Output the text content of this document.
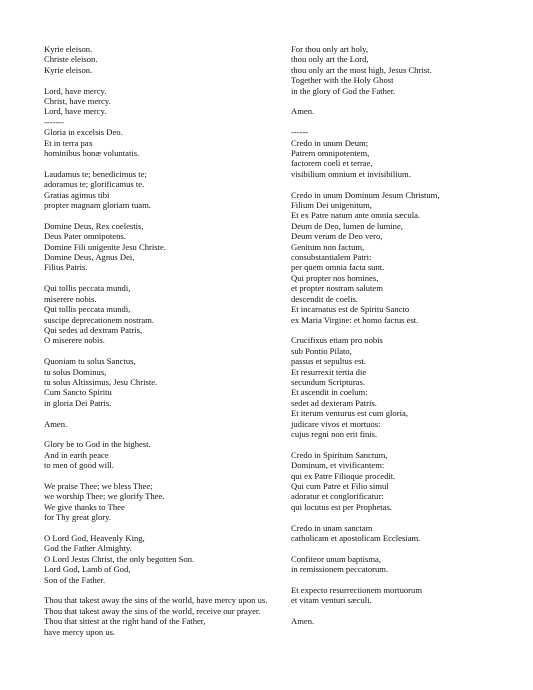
Kyrie eleison.
Christe eleison.
Kyrie eleison.
Lord, have mercy.
Christ, have mercy.
Lord, have mercy.
-------
Gloria in excelsis Deo.
Et in terra pax
hominibus bonæ voluntatis.
Laudamus te; benedicimus te;
adoramus te; glorificamus te.
Gratias agimus tibi
propter magnam gloriam tuam.
Domine Deus, Rex coelestis,
Deus Pater omnipotens.
Domine Fili unigenite Jesu Christe.
Domine Deus, Agnus Dei,
Filius Patris.
Qui tollis peccata mundi,
miserere nobis.
Qui tollis peccata mundi,
suscipe deprecationem nostram.
Qui sedes ad dextram Patris,
O miserere nobis.
Quoniam tu solus Sanctus,
tu solus Dominus,
tu solus Altissimus, Jesu Christe.
Cum Sancto Spiritu
in gloria Dei Patris.
Amen.
Glory be to God in the highest.
And in earth peace
to men of good will.
We praise Thee; we bless Thee;
we worship Thee; we glorify Thee.
We give thanks to Thee
for Thy great glory.
O Lord God, Heavenly King,
God the Father Almighty.
O Lord Jesus Christ, the only begotten Son.
Lord God, Lamb of God,
Son of the Father.
Thou that takest away the sins of the world, have mercy upon us.
Thou that takest away the sins of the world, receive our prayer.
Thou that sittest at the right hand of the Father,
have mercy upon us.
For thou only art holy,
thou only art the Lord,
thou only art the most high, Jesus Christ.
Together with the Holy Ghost
in the glory of God the Father.
Amen.
------
Credo in unum Deum;
Patrem omnipotentem,
factorem coeli et terrae,
visibilium omnium et invisibilium.
Credo in unum Dominum Jesum Christum,
Filium Dei unigenitum,
Et ex Patre natum ante omnia sæcula.
Deum de Deo, lumen de lumine,
Deum verum de Deo vero,
Genitum non factum,
consubstantialem Patri:
per quem omnia facta sunt.
Qui propter nos homines,
et propter nostram salutem
descendit de coelis.
Et incarnatus est de Spiritu Sancto
ex Maria Virgine: et homo factus est.
Crucifixus etiam pro nobis
sub Pontio Pilato,
passus et sepultus est.
Et resurrexit tertia die
secundum Scripturas.
Et ascendit in coelum:
sedet ad dexteram Patris.
Et iterum venturus est cum gloria,
judicare vivos et mortuos:
cujus regni non erit finis.
Credo in Spiritum Sanctum,
Dominum, et vivificantem:
qui ex Patre Filioque procedit.
Qui cum Patre et Filio simul
adoratur et conglorificatur:
qui locutus est per Prophetas.
Credo in unam sanctam
catholicam et apostolicam Ecclesiam.
Confiteor unum baptisma,
in remissionem peccatorum.
Et expecto resurrectionem mortuorum
et vitam venturi sæculi.
Amen.
